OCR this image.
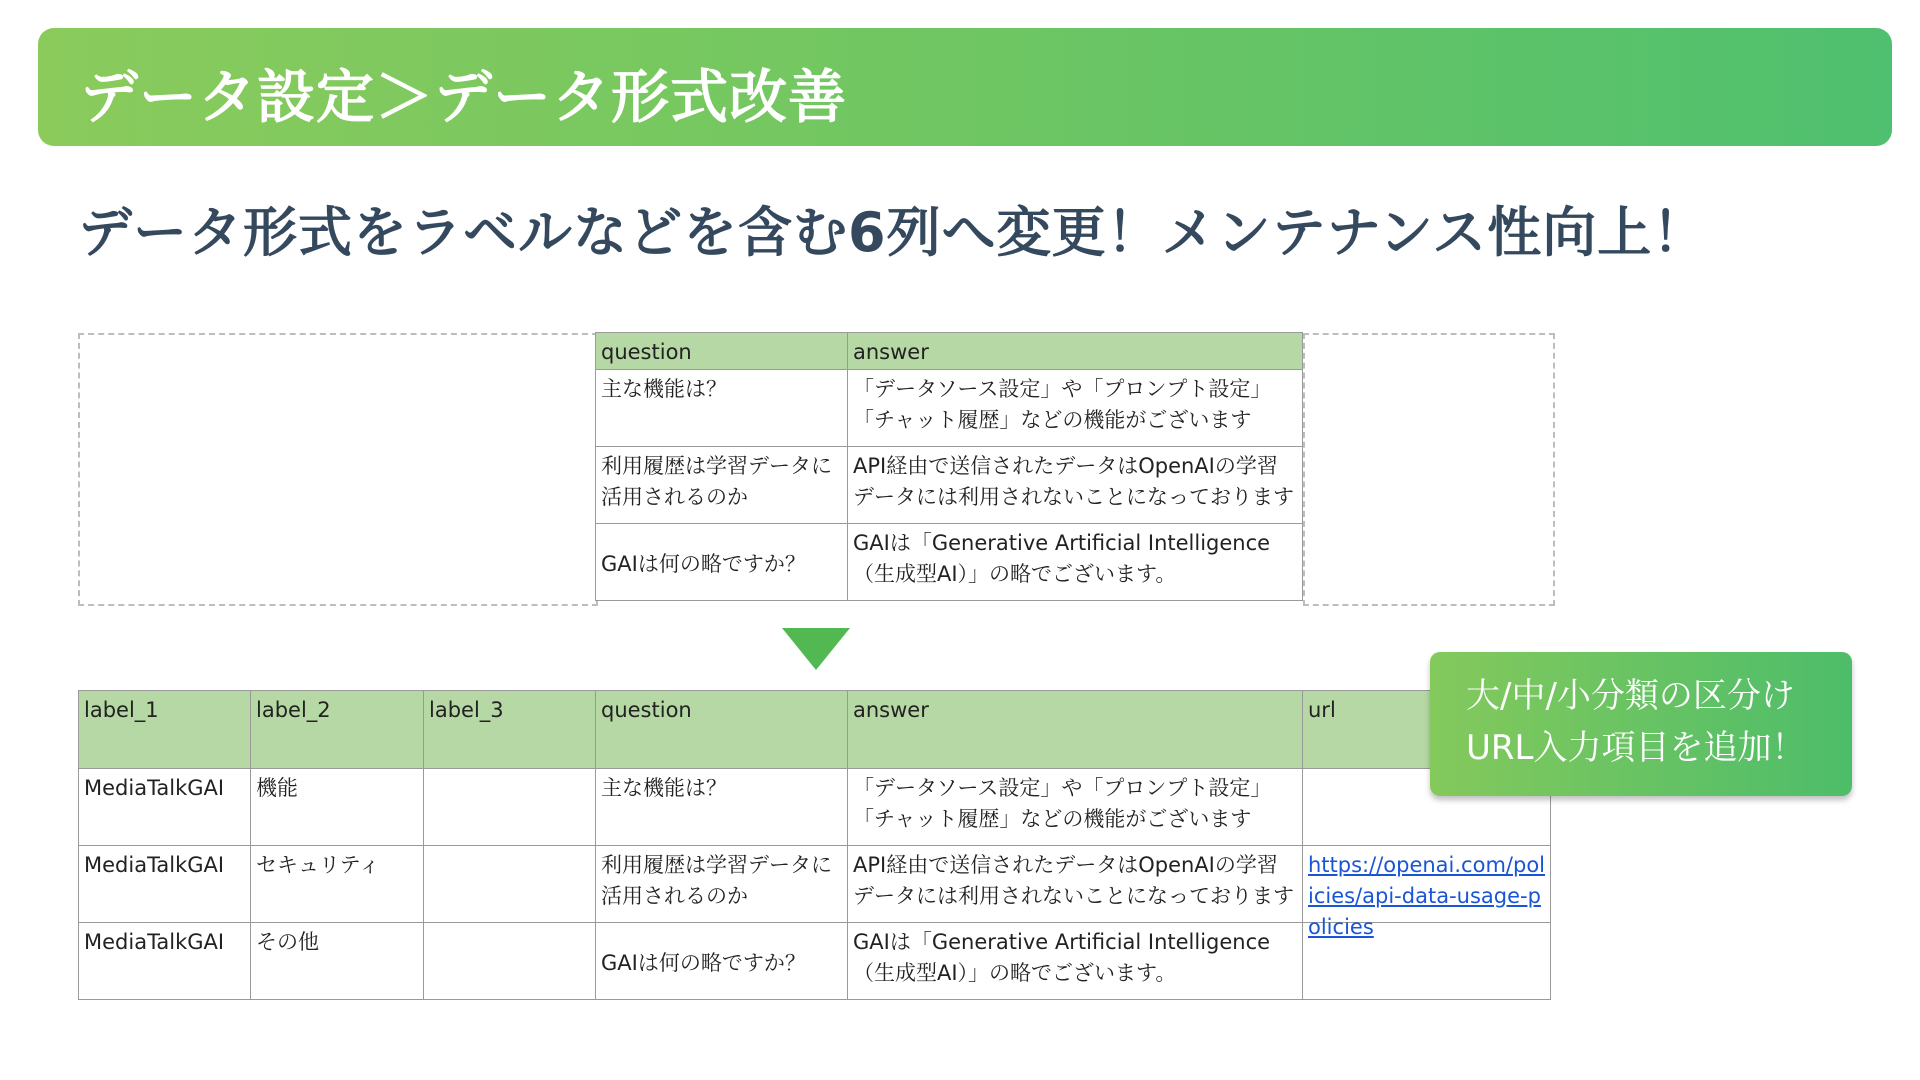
データ設定＞データ形式改善
データ形式をラベルなどを含む6列へ変更！メンテナンス性向上！
question	answer

主な機能は？	「データソース設定」や「プロンプト設定」「チャット履歴」などの機能がございます

利用履歴は学習データに活用されるのか	API経由で送信されたデータはOpenAIの学習データには利用されないことになっております

GAIは何の略ですか？	GAIは「Generative Artificial Intelligence（生成型AI）」の略でございます。
label_1	label_2	label_3	question	answer	url

MediaTalkGAI	機能		主な機能は？	「データソース設定」や「プロンプト設定」「チャット履歴」などの機能がございます	

MediaTalkGAI	セキュリティ		利用履歴は学習データに活用されるのか	API経由で送信されたデータはOpenAIの学習データには利用されないことになっております	https://openai.com/policies/api-data-usage-policies

MediaTalkGAI	その他		GAIは何の略ですか？	GAIは「Generative Artificial Intelligence（生成型AI）」の略でございます。	

大/中/小分類の区分け
URL入力項目を追加！
